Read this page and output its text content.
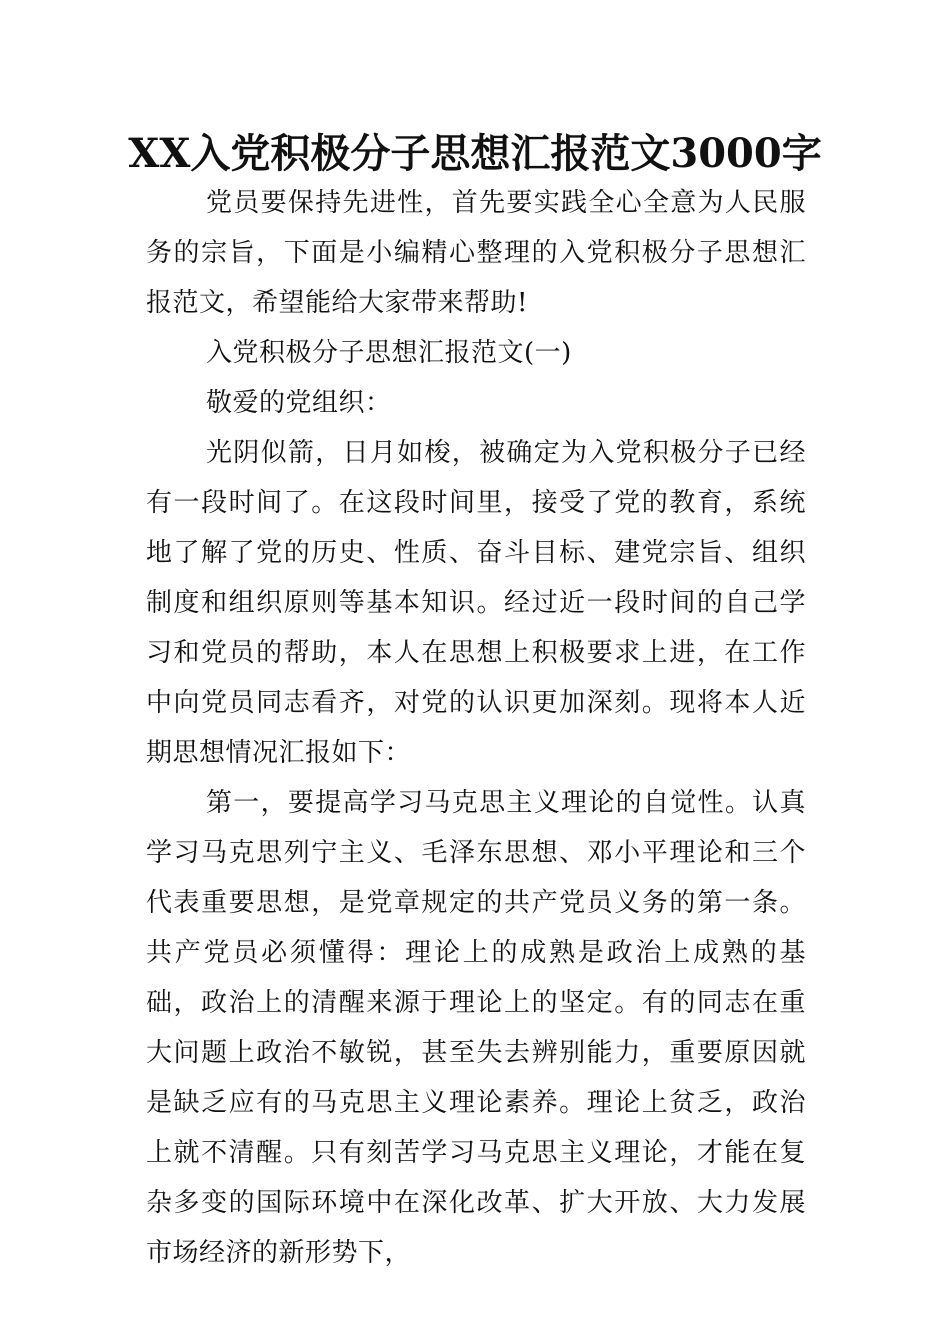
XX入党积极分子思想汇报范文3000字

党员要保持先进性，首先要实践全心全意为人民服务的宗旨，下面是小编精心整理的入党积极分子思想汇报范文，希望能给大家带来帮助!

入党积极分子思想汇报范文(一)

敬爱的党组织：

光阴似箭，日月如梭，被确定为入党积极分子已经有一段时间了。在这段时间里，接受了党的教育，系统地了解了党的历史、性质、奋斗目标、建党宗旨、组织制度和组织原则等基本知识。经过近一段时间的自己学习和党员的帮助，本人在思想上积极要求上进，在工作中向党员同志看齐，对党的认识更加深刻。现将本人近期思想情况汇报如下：

第一，要提高学习马克思主义理论的自觉性。认真学习马克思列宁主义、毛泽东思想、邓小平理论和三个代表重要思想，是党章规定的共产党员义务的第一条。共产党员必须懂得：理论上的成熟是政治上成熟的基础，政治上的清醒来源于理论上的坚定。有的同志在重大问题上政治不敏锐，甚至失去辨别能力，重要原因就是缺乏应有的马克思主义理论素养。理论上贫乏，政治上就不清醒。只有刻苦学习马克思主义理论，才能在复杂多变的国际环境中在深化改革、扩大开放、大力发展市场经济的新形势下，
